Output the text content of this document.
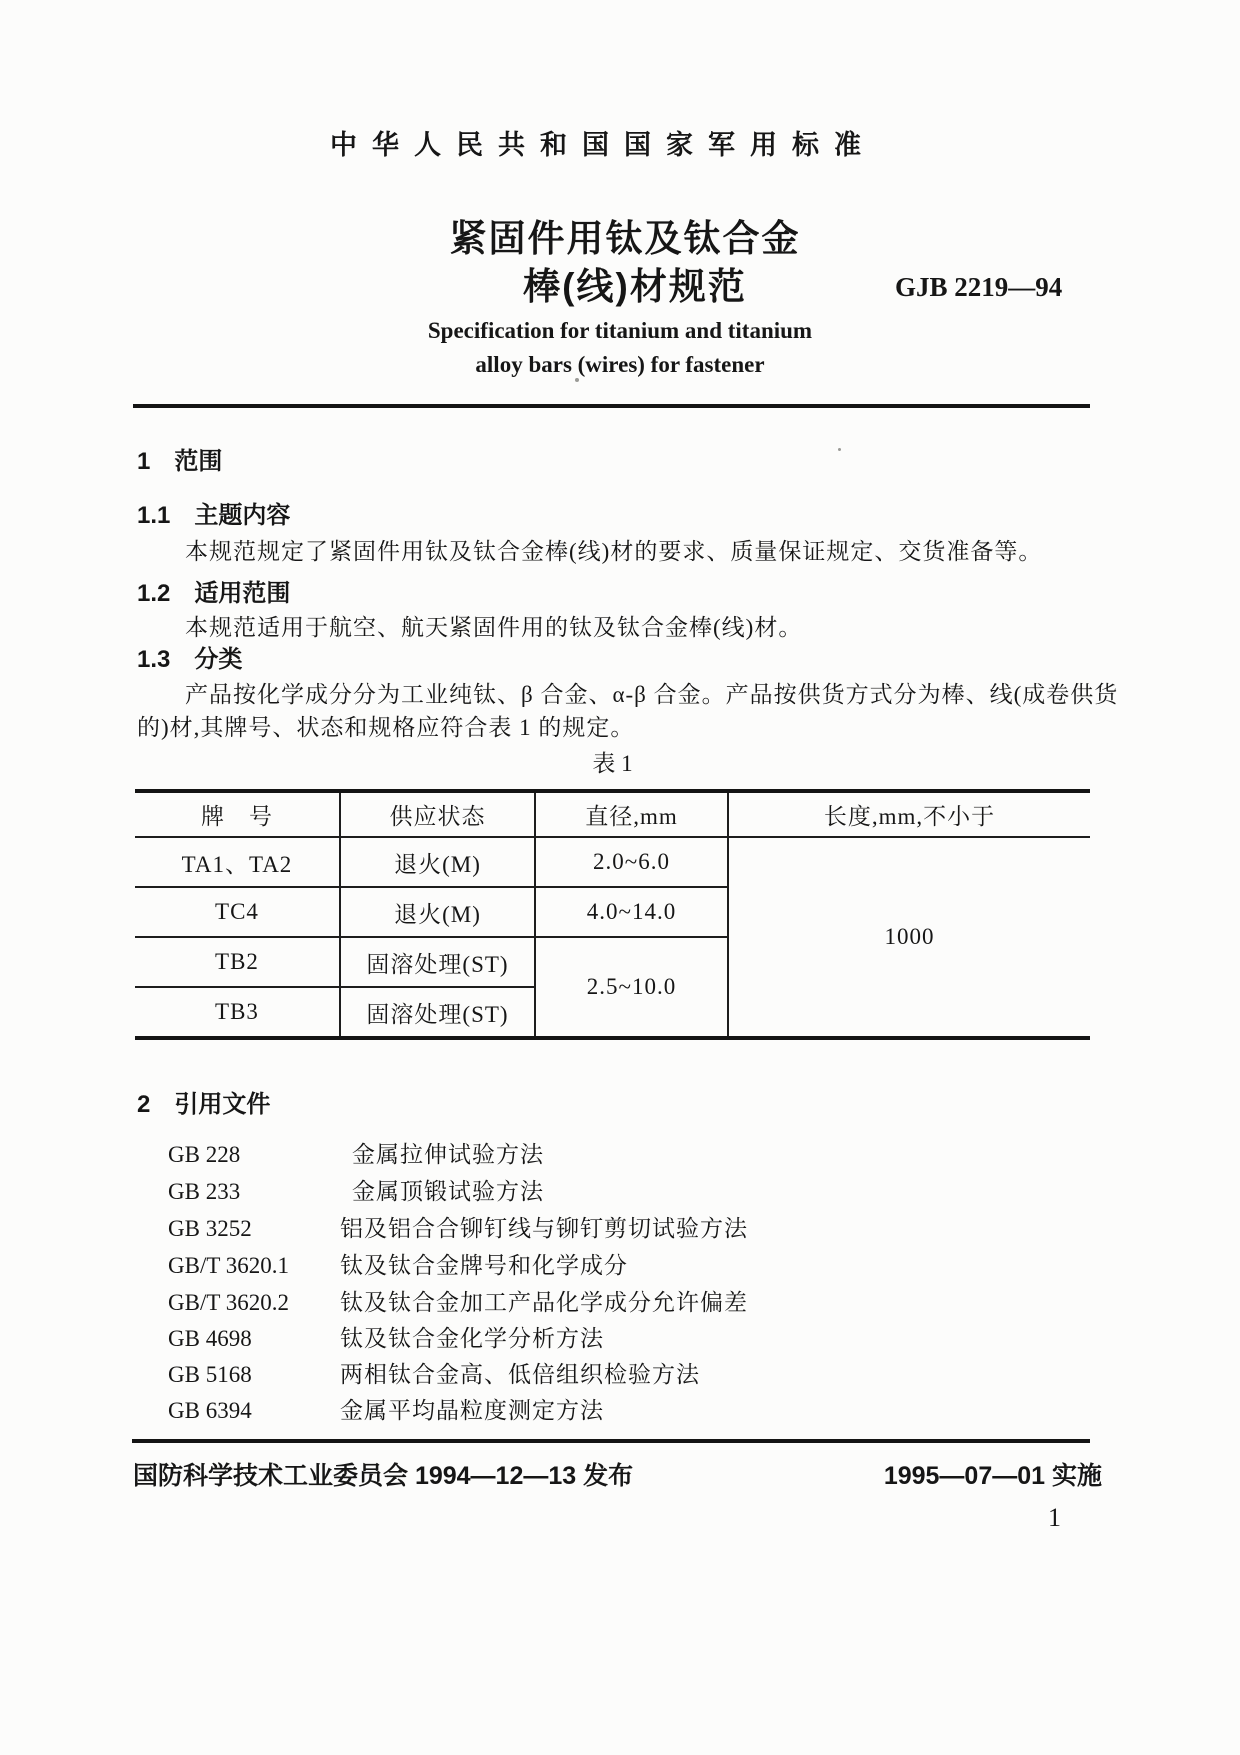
中华人民共和国国家军用标准
紧固件用钛及钛合金
棒(线)材规范	GJB 2219—94
Specification for titanium and titanium
alloy bars (wires) for fastener
1　范围
1.1　主题内容
本规范规定了紧固件用钛及钛合金棒(线)材的要求、质量保证规定、交货准备等。
1.2　适用范围
本规范适用于航空、航天紧固件用的钛及钛合金棒(线)材。
1.3　分类
产品按化学成分分为工业纯钛、β 合金、α-β 合金。产品按供货方式分为棒、线(成卷供货
的)材,其牌号、状态和规格应符合表 1 的规定。
表 1
牌　号	供应状态	直径,mm	长度,mm,不小于
TA1、TA2	退火(M)	2.0~6.0	1000
TC4	退火(M)	4.0~14.0	
TB2	固溶处理(ST)	2.5~10.0	
TB3	固溶处理(ST)		
2　引用文件
GB 228	金属拉伸试验方法
GB 233	金属顶锻试验方法
GB 3252	铝及铝合合铆钉线与铆钉剪切试验方法
GB/T 3620.1 钛及钛合金牌号和化学成分
GB/T 3620.2 钛及钛合金加工产品化学成分允许偏差
GB 4698	钛及钛合金化学分析方法
GB 5168	两相钛合金高、低倍组织检验方法
GB 6394	金属平均晶粒度测定方法
国防科学技术工业委员会 1994—12—13 发布	1995—07—01 实施
1
